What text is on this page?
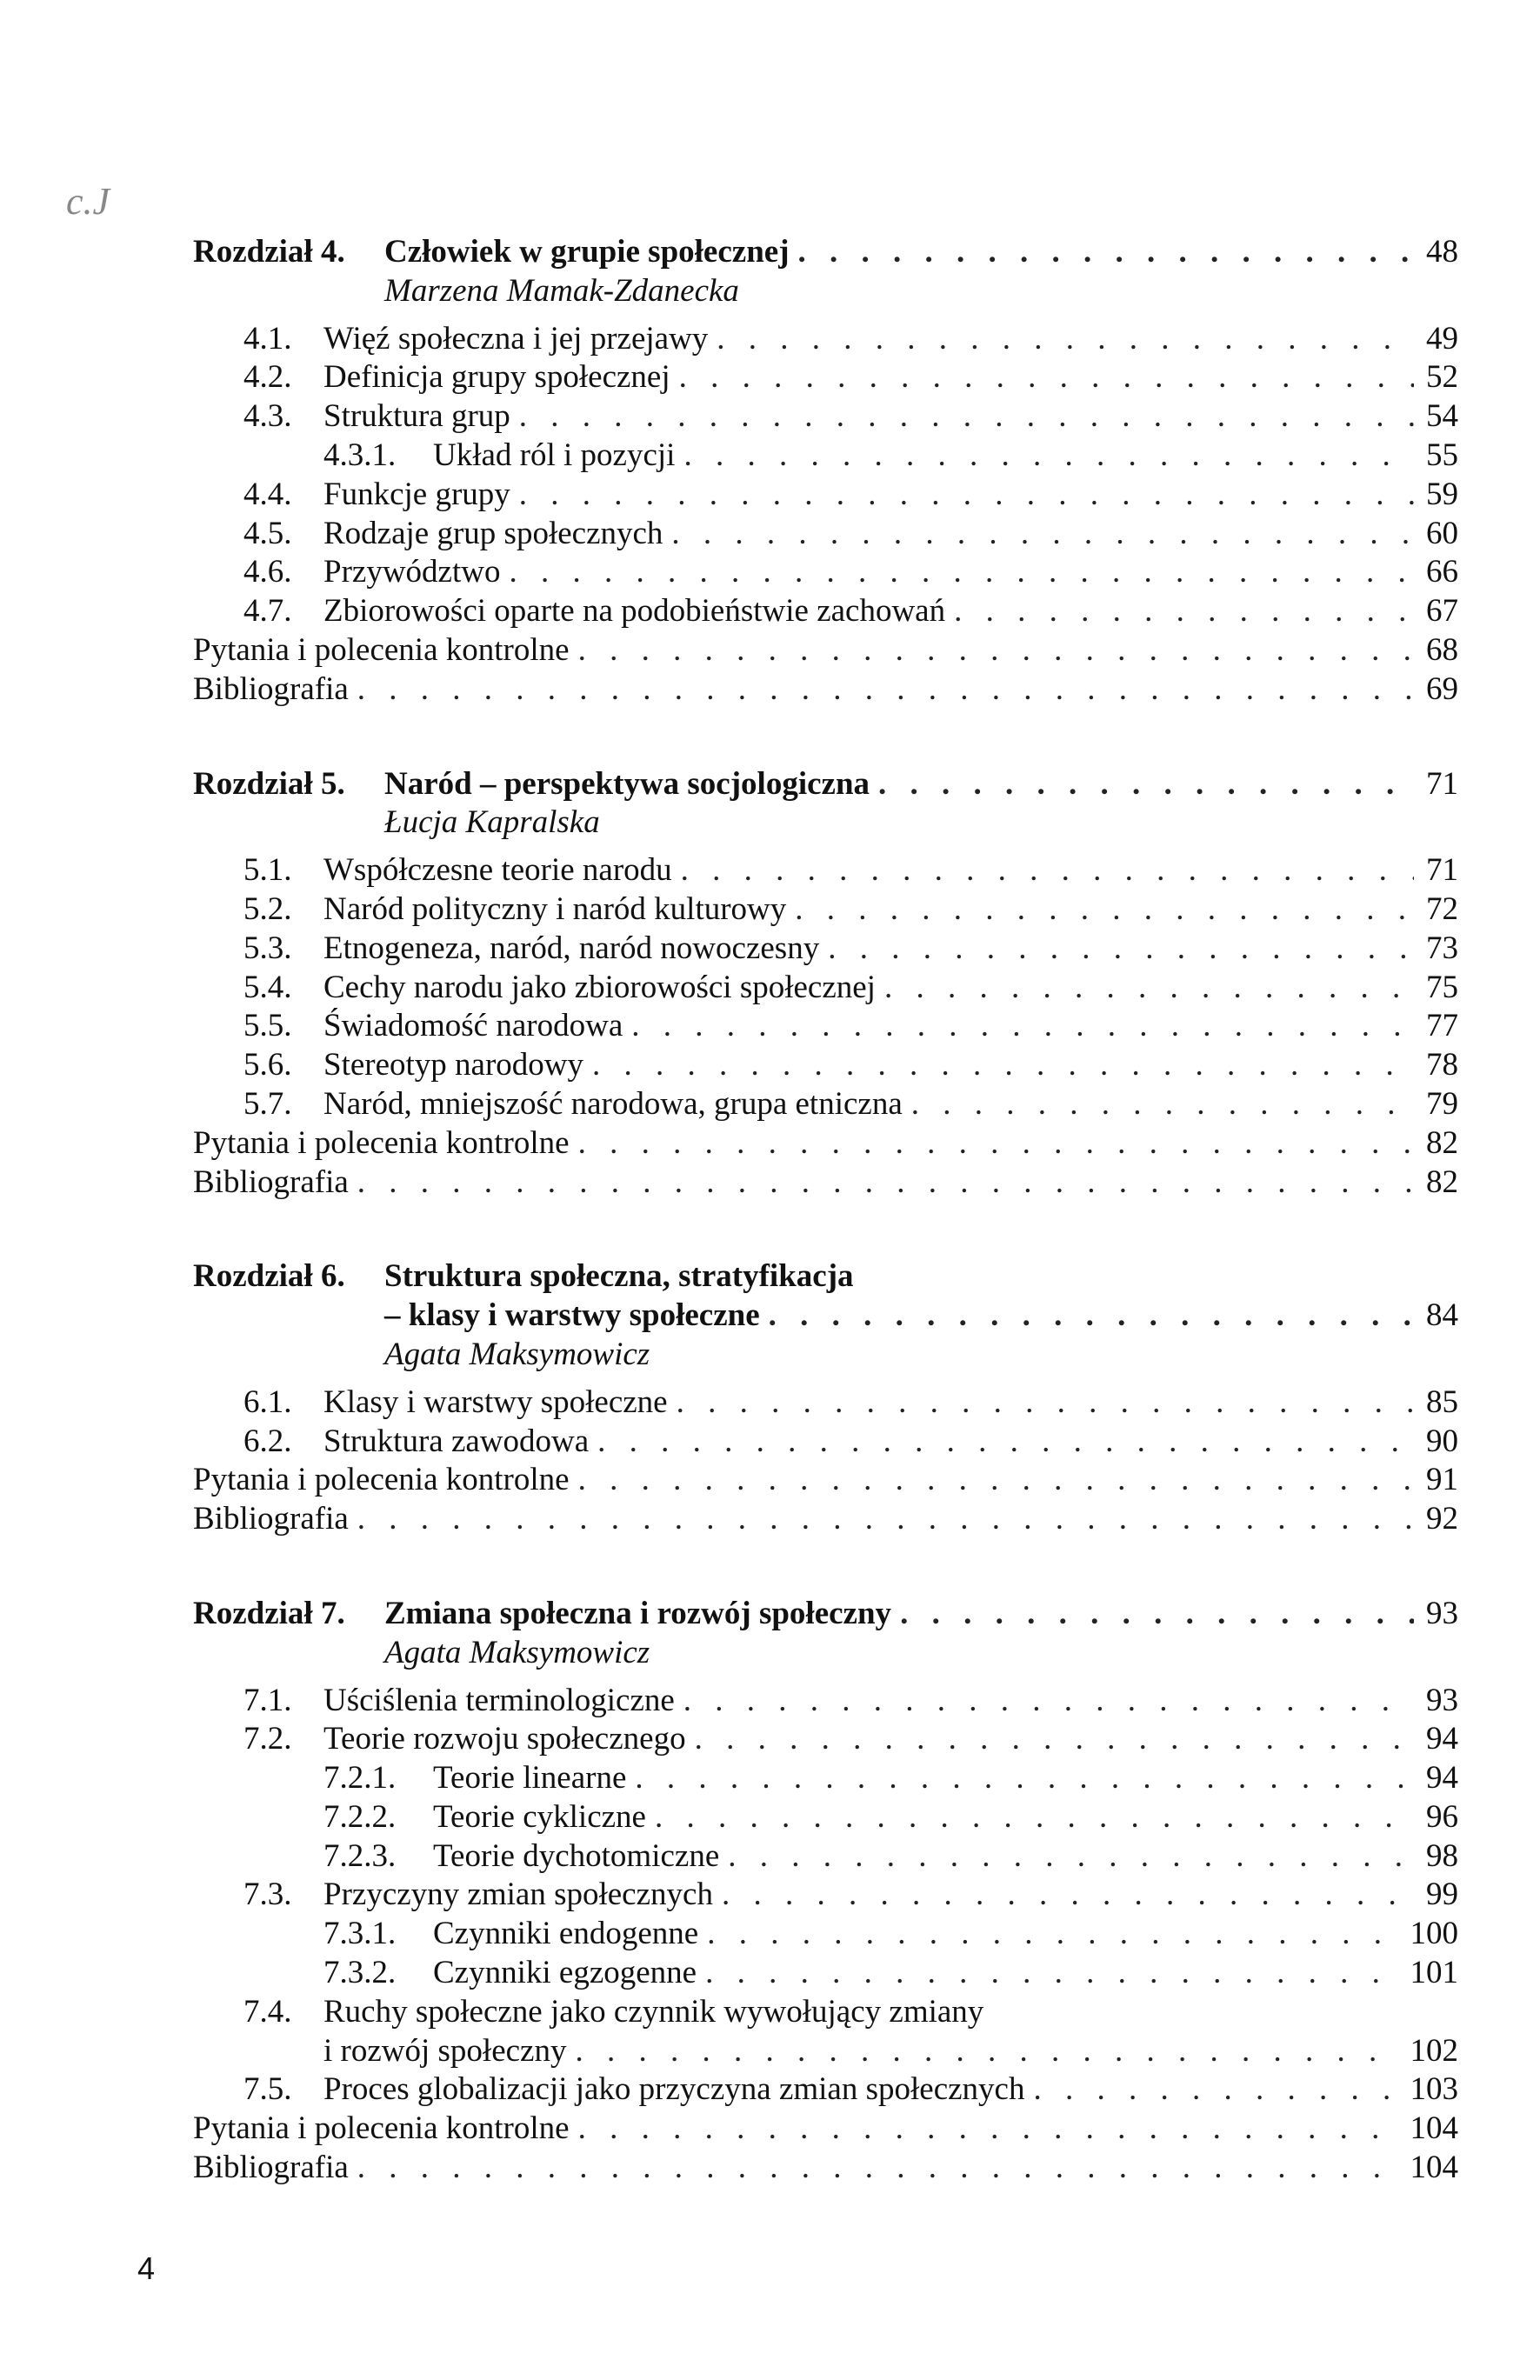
c.J
Rozdział 4.	Człowiek w grupie społecznej . . .	48
Marzena Mamak-Zdanecka
4.1. Więź społeczna i jej przejawy . . .	49
4.2. Definicja grupy społecznej . . .	52
4.3. Struktura grup . . .	54
4.3.1.	Układ ról i pozycji . . .	55
4.4. Funkcje grupy . . .	59
4.5. Rodzaje grup społecznych . . .	60
4.6. Przywództwo . . .	66
4.7. Zbiorowości oparte na podobieństwie zachowań . . .	67
Pytania i polecenia kontrolne . . .	68
Bibliografia . . .	69
Rozdział 5.	Naród – perspektywa socjologiczna . . .	71
Łucja Kapralska
5.1. Współczesne teorie narodu . . .	71
5.2. Naród polityczny i naród kulturowy . . .	72
5.3. Etnogeneza, naród, naród nowoczesny . . .	73
5.4. Cechy narodu jako zbiorowości społecznej . . .	75
5.5. Świadomość narodowa . . .	77
5.6. Stereotyp narodowy . . .	78
5.7. Naród, mniejszość narodowa, grupa etniczna . . .	79
Pytania i polecenia kontrolne . . .	82
Bibliografia . . .	82
Rozdział 6.	Struktura społeczna, stratyfikacja
– klasy i warstwy społeczne . . .	84
Agata Maksymowicz
6.1. Klasy i warstwy społeczne . . .	85
6.2. Struktura zawodowa . . .	90
Pytania i polecenia kontrolne . . .	91
Bibliografia . . .	92
Rozdział 7.	Zmiana społeczna i rozwój społeczny . . .	93
Agata Maksymowicz
7.1. Uściślenia terminologiczne . . .	93
7.2. Teorie rozwoju społecznego . . .	94
7.2.1.	Teorie linearne . . .	94
7.2.2.	Teorie cykliczne . . .	96
7.2.3.	Teorie dychotomiczne . . .	98
7.3. Przyczyny zmian społecznych . . .	99
7.3.1.	Czynniki endogenne . . .	100
7.3.2.	Czynniki egzogenne . . .	101
7.4. Ruchy społeczne jako czynnik wywołujący zmiany
i rozwój społeczny . . .	102
7.5. Proces globalizacji jako przyczyna zmian społecznych . . .	103
Pytania i polecenia kontrolne . . .	104
Bibliografia . . .	104
4
